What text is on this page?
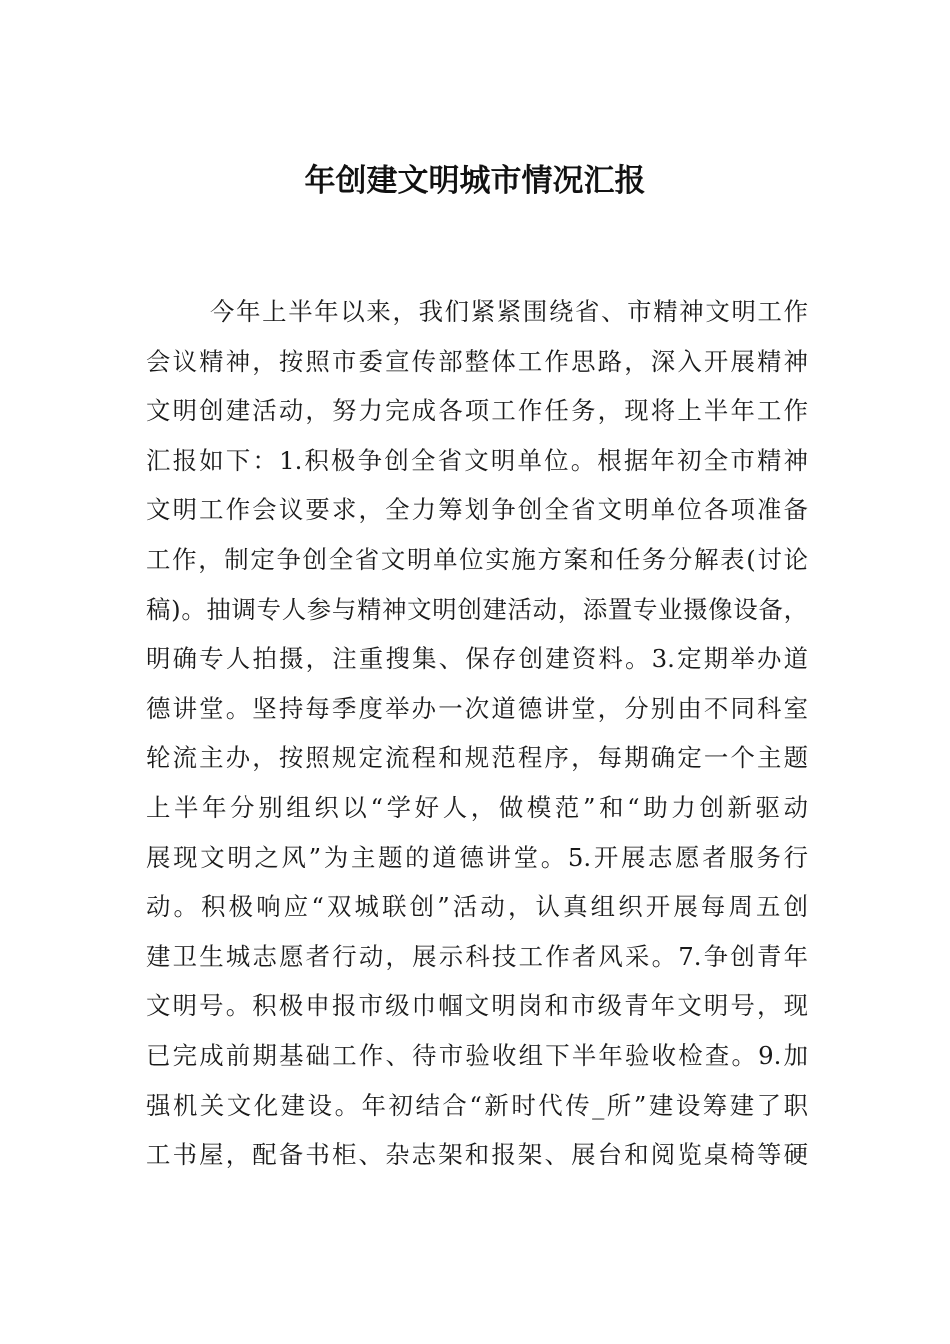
年创建文明城市情况汇报
今年上半年以来，我们紧紧围绕省、市精神文明工作
会议精神，按照市委宣传部整体工作思路，深入开展精神
文明创建活动，努力完成各项工作任务，现将上半年工作
汇报如下：1.积极争创全省文明单位。根据年初全市精神
文明工作会议要求，全力筹划争创全省文明单位各项准备
工作，制定争创全省文明单位实施方案和任务分解表(讨论
稿)。抽调专人参与精神文明创建活动，添置专业摄像设备，
明确专人拍摄，注重搜集、保存创建资料。3.定期举办道
德讲堂。坚持每季度举办一次道德讲堂，分别由不同科室
轮流主办，按照规定流程和规范程序，每期确定一个主题
上半年分别组织以“学好人，做模范”和“助力创新驱动
展现文明之风”为主题的道德讲堂。5.开展志愿者服务行
动。积极响应“双城联创”活动，认真组织开展每周五创
建卫生城志愿者行动，展示科技工作者风采。7.争创青年
文明号。积极申报市级巾帼文明岗和市级青年文明号，现
已完成前期基础工作、待市验收组下半年验收检查。9.加
强机关文化建设。年初结合“新时代传_所”建设筹建了职
工书屋，配备书柜、杂志架和报架、展台和阅览桌椅等硬
